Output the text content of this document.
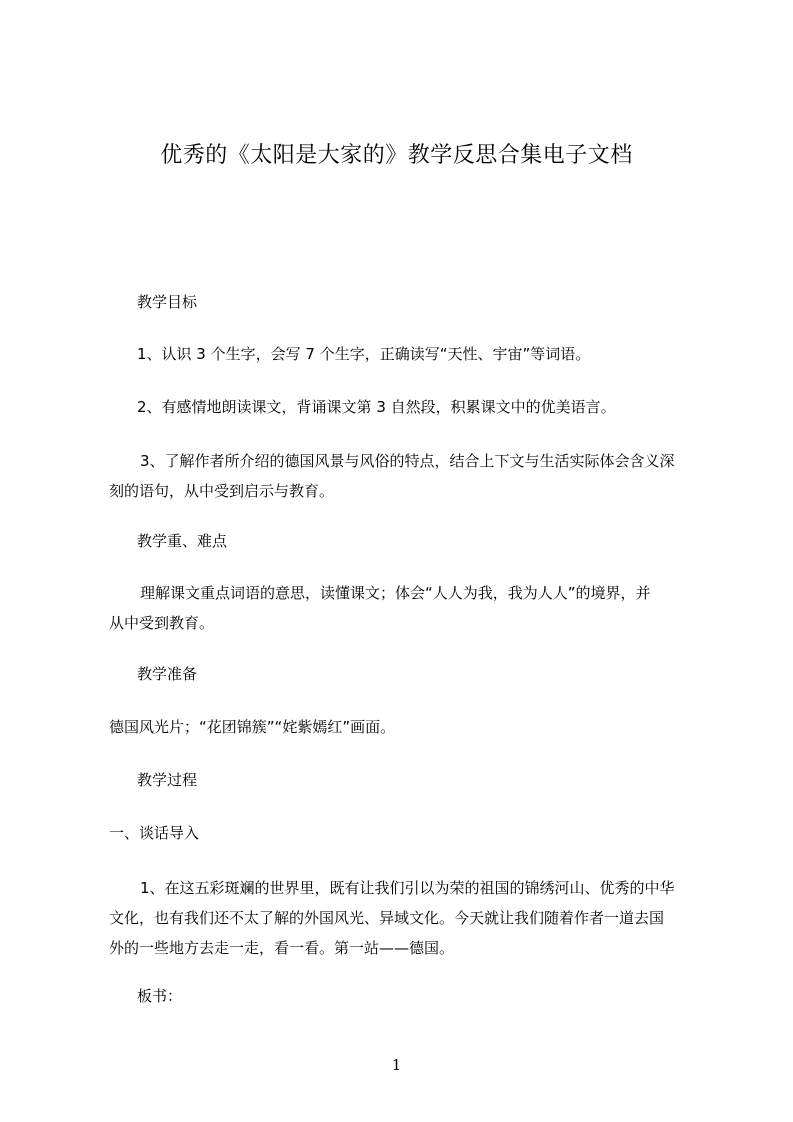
优秀的《太阳是大家的》教学反思合集电子文档
教学目标
1、认识 3 个生字，会写 7 个生字，正确读写“天性、宇宙”等词语。
2、有感情地朗读课文，背诵课文第 3 自然段，积累课文中的优美语言。
3、了解作者所介绍的德国风景与风俗的特点，结合上下文与生活实际体会含义深
刻的语句，从中受到启示与教育。
教学重、难点
理解课文重点词语的意思，读懂课文；体会“人人为我，我为人人”的境界，并
从中受到教育。
教学准备
德国风光片；“花团锦簇”“姹紫嫣红”画面。
教学过程
一、谈话导入
1、在这五彩斑斓的世界里，既有让我们引以为荣的祖国的锦绣河山、优秀的中华
文化，也有我们还不太了解的外国风光、异域文化。今天就让我们随着作者一道去国
外的一些地方去走一走，看一看。第一站——德国。
板书：
1
